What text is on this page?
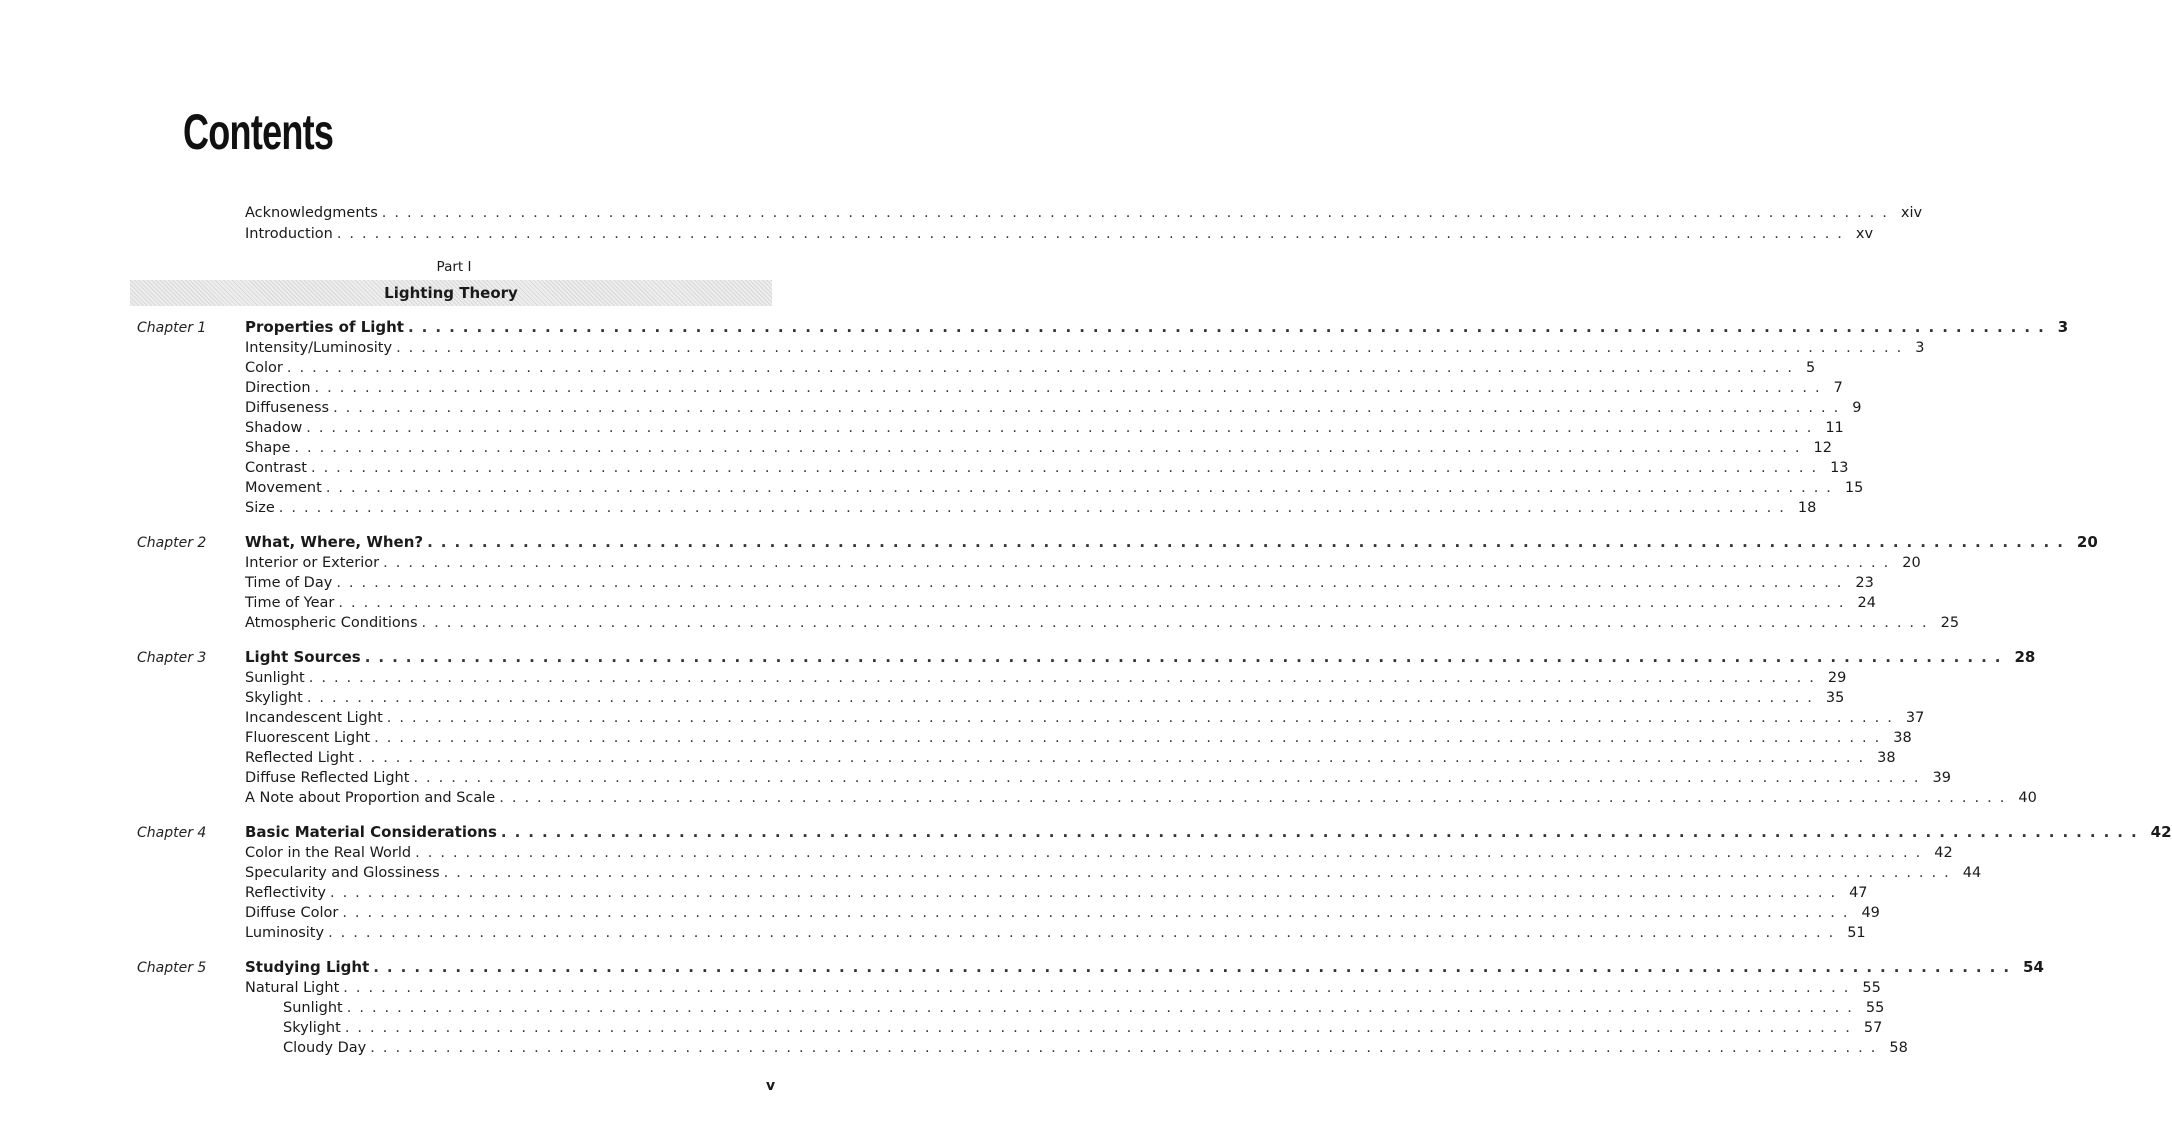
Contents
Acknowledgments ........................................................................................................................ xiv
Introduction ........................................................................................................................ xv
Part I
Lighting Theory
Chapter 1	Properties of Light ........................................................................................................................ 3
Intensity/Luminosity ........................................................................................................................ 3
Color ........................................................................................................................ 5
Direction ........................................................................................................................ 7
Diffuseness ........................................................................................................................ 9
Shadow ........................................................................................................................ 11
Shape ........................................................................................................................ 12
Contrast ........................................................................................................................ 13
Movement ........................................................................................................................ 15
Size ........................................................................................................................ 18
Chapter 2	What, Where, When? ........................................................................................................................ 20
Interior or Exterior ........................................................................................................................ 20
Time of Day ........................................................................................................................ 23
Time of Year ........................................................................................................................ 24
Atmospheric Conditions ........................................................................................................................ 25
Chapter 3	Light Sources ........................................................................................................................ 28
Sunlight ........................................................................................................................ 29
Skylight ........................................................................................................................ 35
Incandescent Light ........................................................................................................................ 37
Fluorescent Light ........................................................................................................................ 38
Reflected Light ........................................................................................................................ 38
Diffuse Reflected Light ........................................................................................................................ 39
A Note about Proportion and Scale ........................................................................................................................ 40
Chapter 4	Basic Material Considerations ........................................................................................................................ 42
Color in the Real World ........................................................................................................................ 42
Specularity and Glossiness ........................................................................................................................ 44
Reflectivity ........................................................................................................................ 47
Diffuse Color ........................................................................................................................ 49
Luminosity ........................................................................................................................ 51
Chapter 5	Studying Light ........................................................................................................................ 54
Natural Light ........................................................................................................................ 55
Sunlight ........................................................................................................................ 55
Skylight ........................................................................................................................ 57
Cloudy Day ........................................................................................................................ 58
v
